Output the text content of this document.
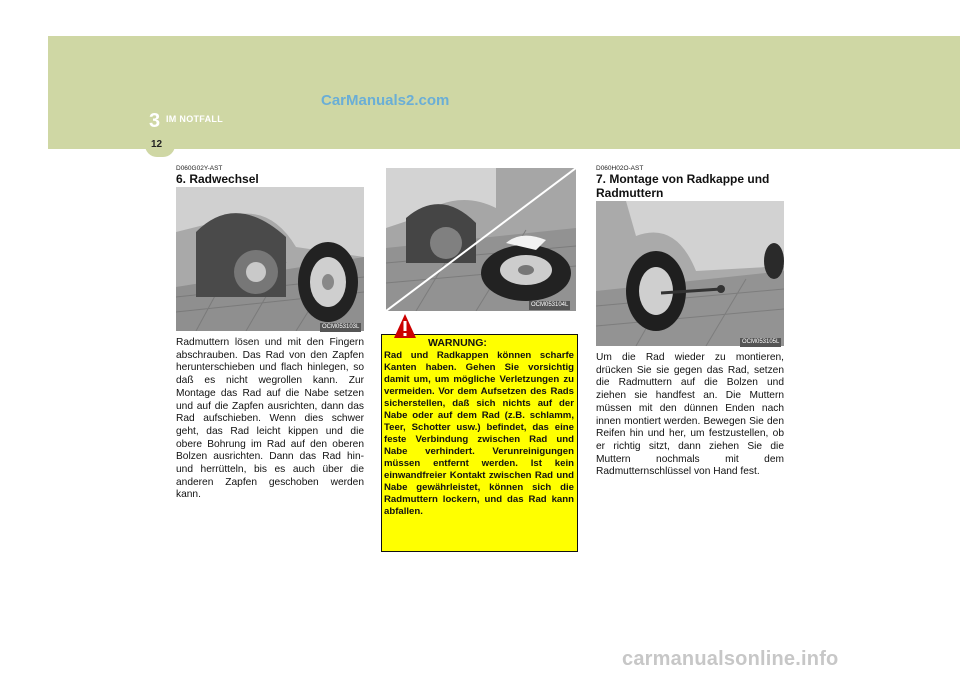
3 IM NOTFALL
12
CarManuals2.com
D060G02Y-AST
6. Radwechsel
OCM053103L
Radmuttern lösen und mit den Fingern abschrauben. Das Rad von den Zapfen herunterschieben und flach hinlegen, so daß es nicht wegrollen kann. Zur Montage das Rad auf die Nabe setzen und auf die Zapfen ausrichten, dann das Rad aufschieben. Wenn dies schwer geht, das Rad leicht kippen und die obere Bohrung im Rad auf den oberen Bolzen ausrichten. Dann das Rad hin- und herrütteln, bis es auch über die anderen Zapfen geschoben werden kann.
OCM053104L
WARNUNG:
Rad und Radkappen können scharfe Kanten haben. Gehen Sie vorsichtig damit um, um mögliche Verletzungen zu vermeiden. Vor dem Aufsetzen des Rads sicherstellen, daß sich nichts auf der Nabe oder auf dem Rad (z.B. schlamm, Teer, Schotter usw.) befindet, das eine feste Verbindung zwischen Rad und Nabe verhindert. Verunreinigungen müssen entfernt werden. Ist kein einwandfreier Kontakt zwischen Rad und Nabe gewährleistet, können sich die Radmuttern lockern, und das Rad kann abfallen.
D060H02O-AST
7. Montage von Radkappe und Radmuttern
OCM053105L
Um die Rad wieder zu montieren, drücken Sie sie gegen das Rad, setzen die Radmuttern auf die Bolzen und ziehen sie handfest an. Die Muttern müssen mit den dünnen Enden nach innen montiert werden. Bewegen Sie den Reifen hin und her, um festzustellen, ob er richtig sitzt, dann ziehen Sie die Muttern nochmals mit dem Radmutternschlüssel von Hand fest.
carmanualsonline.info
